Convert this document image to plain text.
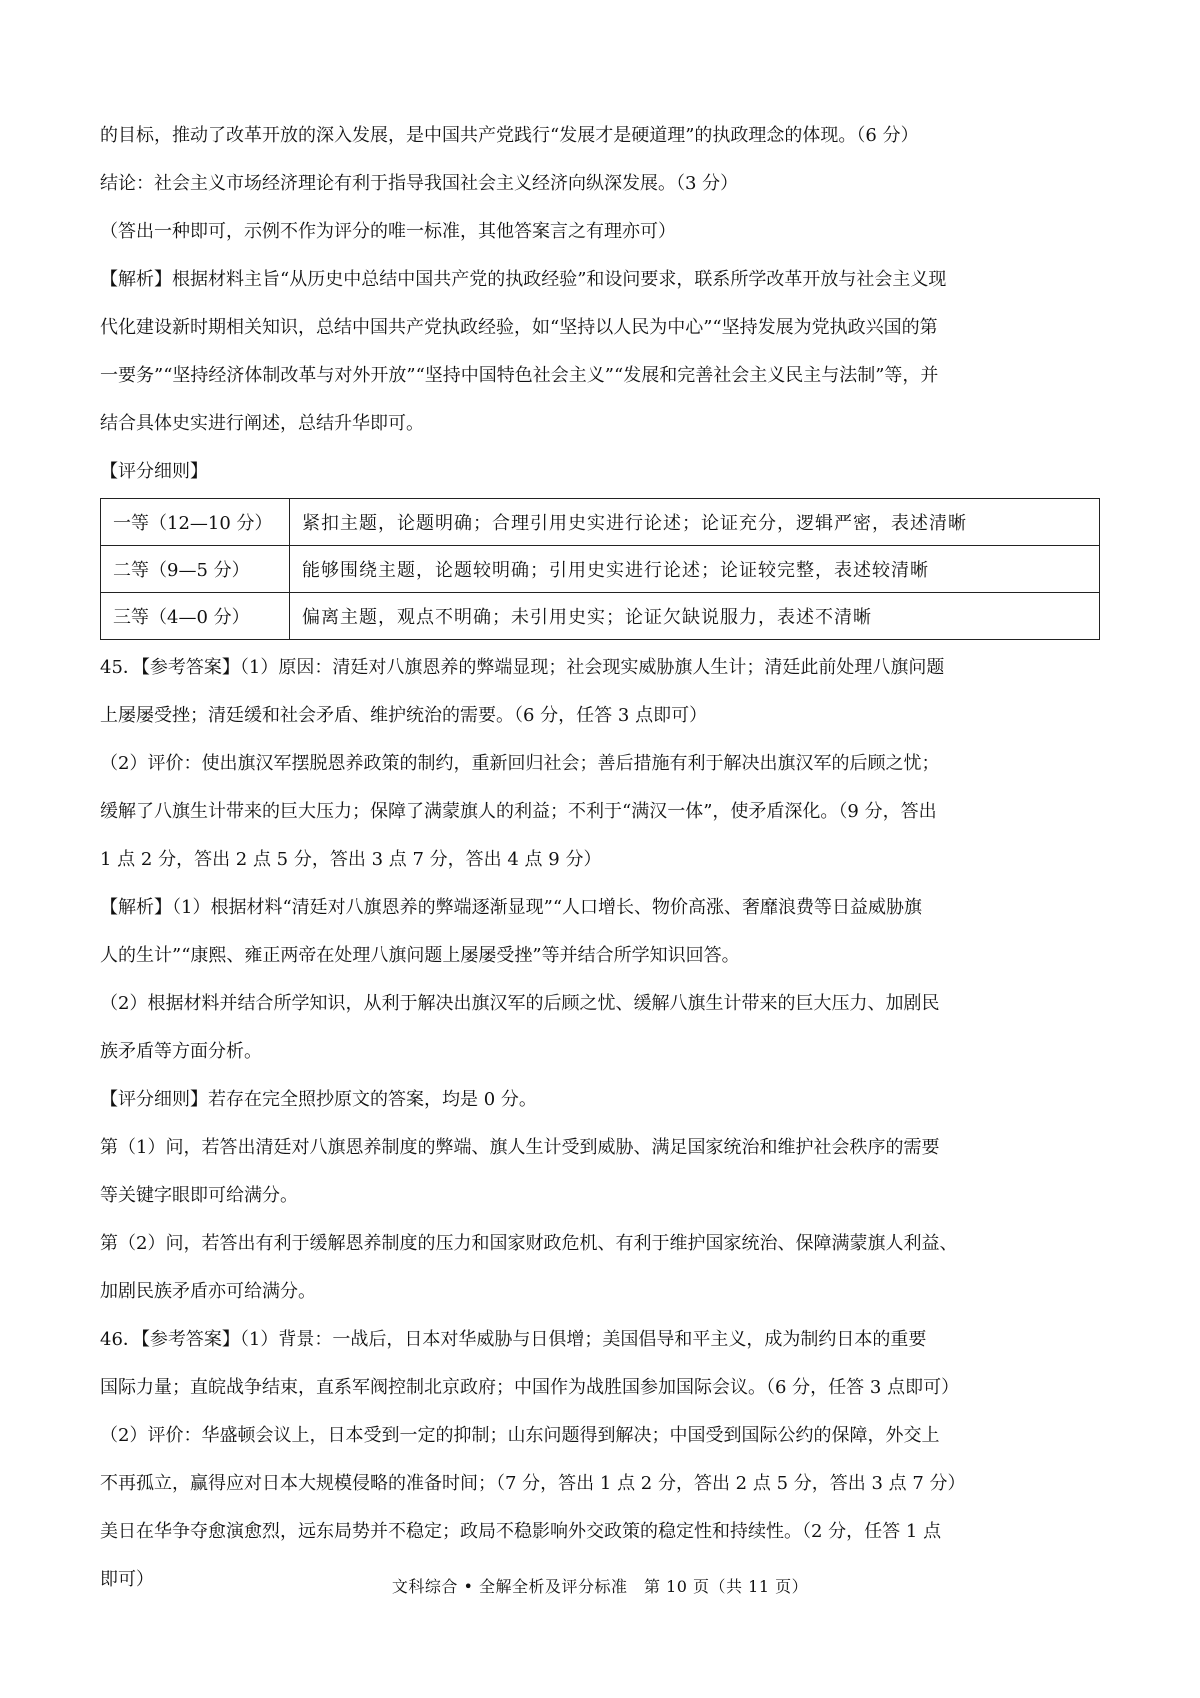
的目标，推动了改革开放的深入发展，是中国共产党践行“发展才是硬道理”的执政理念的体现。（6 分）

结论：社会主义市场经济理论有利于指导我国社会主义经济向纵深发展。（3 分）

（答出一种即可，示例不作为评分的唯一标准，其他答案言之有理亦可）

【解析】根据材料主旨“从历史中总结中国共产党的执政经验”和设问要求，联系所学改革开放与社会主义现

代化建设新时期相关知识，总结中国共产党执政经验，如“坚持以人民为中心”“坚持发展为党执政兴国的第

一要务”“坚持经济体制改革与对外开放”“坚持中国特色社会主义”“发展和完善社会主义民主与法制”等，并

结合具体史实进行阐述，总结升华即可。

【评分细则】

一等（12—10 分）	紧扣主题，论题明确；合理引用史实进行论述；论证充分，逻辑严密，表述清晰
二等（9—5 分）	能够围绕主题，论题较明确；引用史实进行论述；论证较完整，表述较清晰
三等（4—0 分）	偏离主题，观点不明确；未引用史实；论证欠缺说服力，表述不清晰

45．【参考答案】（1）原因：清廷对八旗恩养的弊端显现；社会现实威胁旗人生计；清廷此前处理八旗问题

上屡屡受挫；清廷缓和社会矛盾、维护统治的需要。（6 分，任答 3 点即可）

（2）评价：使出旗汉军摆脱恩养政策的制约，重新回归社会；善后措施有利于解决出旗汉军的后顾之忧；

缓解了八旗生计带来的巨大压力；保障了满蒙旗人的利益；不利于“满汉一体”，使矛盾深化。（9 分，答出

1 点 2 分，答出 2 点 5 分，答出 3 点 7 分，答出 4 点 9 分）

【解析】（1）根据材料“清廷对八旗恩养的弊端逐渐显现”“人口增长、物价高涨、奢靡浪费等日益威胁旗

人的生计”“康熙、雍正两帝在处理八旗问题上屡屡受挫”等并结合所学知识回答。

（2）根据材料并结合所学知识，从利于解决出旗汉军的后顾之忧、缓解八旗生计带来的巨大压力、加剧民

族矛盾等方面分析。

【评分细则】若存在完全照抄原文的答案，均是 0 分。

第（1）问，若答出清廷对八旗恩养制度的弊端、旗人生计受到威胁、满足国家统治和维护社会秩序的需要

等关键字眼即可给满分。

第（2）问，若答出有利于缓解恩养制度的压力和国家财政危机、有利于维护国家统治、保障满蒙旗人利益、

加剧民族矛盾亦可给满分。

46．【参考答案】（1）背景：一战后，日本对华威胁与日俱增；美国倡导和平主义，成为制约日本的重要

国际力量；直皖战争结束，直系军阀控制北京政府；中国作为战胜国参加国际会议。（6 分，任答 3 点即可）

（2）评价：华盛顿会议上，日本受到一定的抑制；山东问题得到解决；中国受到国际公约的保障，外交上

不再孤立，赢得应对日本大规模侵略的准备时间；（7 分，答出 1 点 2 分，答出 2 点 5 分，答出 3 点 7 分）

美日在华争夺愈演愈烈，远东局势并不稳定；政局不稳影响外交政策的稳定性和持续性。（2 分，任答 1 点

即可）	文科综合 • 全解全析及评分标准　第 10 页（共 11 页）
